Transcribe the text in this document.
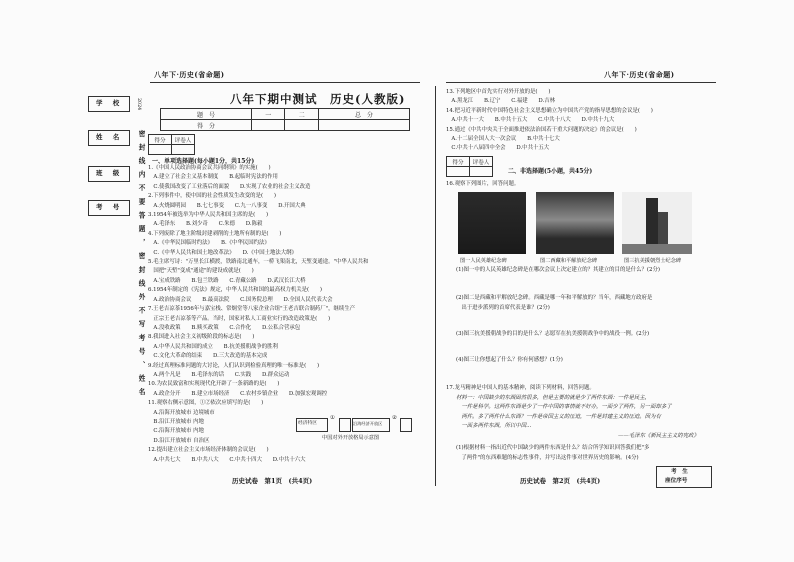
八年下·历史(省命题)	八年下·历史(省命题)
学 校
姓 名
班 级
考 号
2024
密封线内不要答题，密封线外不写考号、姓名
八年下期中测试　历史(人教版)
题　号	一	二	总　分
得　分			
得分	评卷人

一、单项选择题(每小题1分，共15分)
1.《中国人民政治协商会议共同纲领》的实施(　　)
　A.建立了社会主义基本制度　　B.起临时宪法的作用
　C.使我国改变了工业落后的面貌　　D.实现了农业的社会主义改造
2.下列事件中，使中国的社会性质发生改变的是(　　)
　A.火烧圆明园　　B.七七事变　　C.九一八事变　　D.开国大典
3.1954年被选举为中华人民共和国主席的是(　　)
　A.毛泽东　　B.刘少奇　　C.朱德　　D.陈毅
4.下列废除了地主阶级封建剥削的土地所有制的是(　　)
　A.《中华民国临时约法》　　B.《中华民国约法》
　C.《中华人民共和国土地改革法》　　D.《中国土地法大纲》
5.毛主席写诗："万里长江横渡，铁路南北通车，一桥飞架南北，天堑变通途。"中华人民共和
　国把"天堑"变成"通途"的建设成就是(　　)
　A.宝成铁路　　B.包兰铁路　　C.青藏公路　　D.武汉长江大桥
6.1954年制定的《宪法》规定，中华人民共和国的最高权力机关是(　　)
　A.政治协商会议　　B.最高法院　　C.国务院总理　　D.全国人民代表大会
7.王老吉凉茶1956年与嘉宝栈、常炯堂等八家企业合组"王老吉联合制药厂"，继续生产
　正宗王老吉凉茶等产品。当时，国家对私人工商业实行的改造政策是(　　)
　A.没收政策　　B.赎买政策　　C.合作化　　D.公私合营承包
8.我国进入社会主义初级阶段的标志是(　　)
　A.中华人民共和国的成立　　B.抗美援朝战争的胜利
　C.文化大革命的结束　　D.三大改造的基本完成
9.经过真理标准问题的大讨论，人们认识到检验真理的唯一标准是(　　)
　A.两个凡是　　B.毛泽东的话　　C.实践　　D.群众运动
10.为农民致富和实现现代化开辟了一条新路的是(　　)
　A.政企分开　　B.建立市场经济　　C.农村乡镇企业　　D.加强宏观调控
11.观察右侧示意图，①②依次应填写的是(　　)
　A.沿海开放城市 边境城市
　B.沿江开放城市 内地
　C.沿海开放城市 内地
　D.沿江开放城市 自治区
12.提出建立社会主义市场经济体制的会议是(　　)
　A.中共七大　　B.中共八大　　C.中共十四大　　D.中共十六大
经济特区
①
沿海经济开放区
②
中国对外开放格局示意图
13.下列地区中首先实行对外开放的是(　　)
　A.黑龙江　　B.辽宁　　C.福建　　D.吉林
14.把习近平新时代中国特色社会主义思想确立为中国共产党的指导思想的会议是(　　)
　A.中共十一大　　B.中共十五大　　C.中共十八大　　D.中共十九大
15.通过《中共中央关于全面推进依法治国若干重大问题的决定》的会议是(　　)
　A.十二届全国人大一次会议　　B.中共十七大
　C.中共十八届四中全会　　D.中共十五大
得分	评卷人

二、非选择题(5小题，共45分)
16.观察下列图片，回答问题。
图一人民英雄纪念碑	图二西藏和平解放纪念碑	图三抗美援朝烈士纪念碑
(1)图一中的人民英雄纪念碑是在哪次会议上决定建立的？其建立的目的是什么？(2分)
(2)图二是西藏和平解放纪念碑。西藏是哪一年和平解放的？当年，西藏地方政府是
　出于进步派列的首席代表是谁？(2分)
(3)图三抗美援朝战争的目的是什么？志愿军在抗美援朝战争中的战役一例。(2分)
(4)图三让你想起了什么？你有何感想？(1分)
17.龙马精神是中国人的基本精神，阅读下列材料，回答问题。
材料一：中国缺少的东西固然很多，但是主要的就是少了两件东西：一件是民主，
　一件是科学。这两件东西是少了一件中国的事情就不好办，一面少了两件，另一面却多了
　两件。多了两件什么东西？一件是帝国主义的压迫，一件是封建主义的压迫。因为有
　一面多两件东西，所以中国...
——毛泽东《新民主主义的宪政》
(1)根据材料一指出近代中国缺少的两件东西是什么？结合所学知识回答我们把"多
　了两件"的东西难题的标志性事件，并写出这件事对世界历史的影响。(4分)
考　生
座位序号
历史试卷　第1页　(共4页)	历史试卷　第2页　(共4页)
